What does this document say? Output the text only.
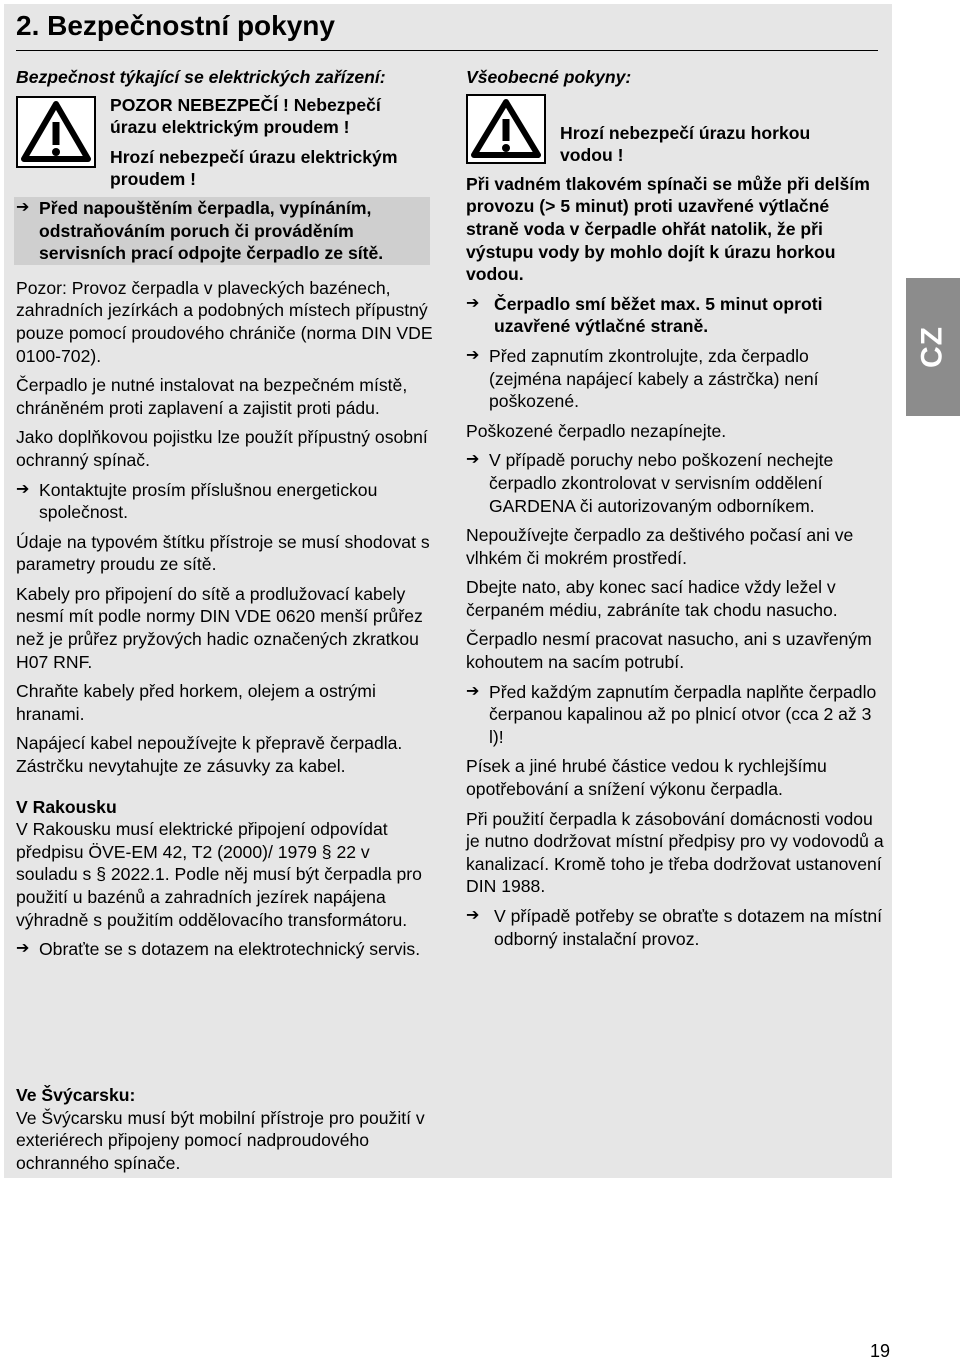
2. Bezpečnostní pokyny

Bezpečnost týkající se elektrických zařízení:

POZOR NEBEZPEČÍ ! Nebezpečí
úrazu elektrickým proudem !
Hrozí nebezpečí úrazu elektrickým
proudem !
➔ Před napouštěním čerpadla, vypínáním, odstraňováním poruch či prováděním servisních prací odpojte čerpadlo ze sítě.

Pozor: Provoz čerpadla v plaveckých bazénech, zahradních jezírkách a podobných místech přípustný pouze pomocí proudového chrániče (norma DIN VDE 0100-702).

Čerpadlo je nutné instalovat na bezpečném místě, chráněném proti zaplavení a zajistit proti pádu.

Jako doplňkovou pojistku lze použít přípustný osobní ochranný spínač.

➔ Kontaktujte prosím příslušnou energetickou společnost.

Údaje na typovém štítku přístroje se musí shodovat s parametry proudu ze sítě.

Kabely pro připojení do sítě a prodlužovací kabely nesmí mít podle normy DIN VDE 0620 menší průřez než je průřez pryžových hadic označených zkratkou H07 RNF.

Chraňte kabely před horkem, olejem a ostrými hranami.

Napájecí kabel nepoužívejte k přepravě čerpadla. Zástrčku nevytahujte ze zásuvky za kabel.

V Rakousku

V Rakousku musí elektrické připojení odpovídat předpisu ÖVE-EM 42, T2 (2000)/ 1979 § 22 v souladu s § 2022.1. Podle něj musí být čerpadla pro použití u bazénů a zahradních jezírek napájena výhradně s použitím oddělovacího transformátoru.

➔ Obraťte se s dotazem na elektrotechnický servis.

Ve Švýcarsku:

Ve Švýcarsku musí být mobilní přístroje pro použití v exteriérech připojeny pomocí nadproudového ochranného spínače.

Všeobecné pokyny:

Hrozí nebezpečí úrazu horkou vodou !

Při vadném tlakovém spínači se může při delším provozu (> 5 minut) proti uzavřené výtlačné straně voda v čerpadle ohřát natolik, že při výstupu vody by mohlo dojít k úrazu horkou vodou.

➔ Čerpadlo smí běžet max. 5 minut oproti uzavřené výtlačné straně.
➔ Před zapnutím zkontrolujte, zda čerpadlo (zejména napájecí kabely a zástrčka) není poškozené.

Poškozené čerpadlo nezapínejte.

➔ V případě poruchy nebo poškození nechejte čerpadlo zkontrolovat v servisním oddělení GARDENA či autorizovaným odborníkem.

Nepoužívejte čerpadlo za deštivého počasí ani ve vlhkém či mokrém prostředí.

Dbejte nato, aby konec sací hadice vždy ležel v čerpaném médiu, zabráníte tak chodu nasucho.

Čerpadlo nesmí pracovat nasucho, ani s uzavřeným kohoutem na sacím potrubí.

➔ Před každým zapnutím čerpadla naplňte čerpadlo čerpanou kapalinou až po plnicí otvor (cca 2 až 3 l)!

Písek a jiné hrubé částice vedou k rychlejšímu opotřebování a snížení výkonu čerpadla.

Při použití čerpadla k zásobování domácnosti vodou je nutno dodržovat místní předpisy pro vy vodovodů a kanalizací. Kromě toho je třeba dodržovat ustanovení DIN 1988.

➔ V případě potřeby se obraťte s dotazem na místní odborný instalační provoz.
CZ
19
